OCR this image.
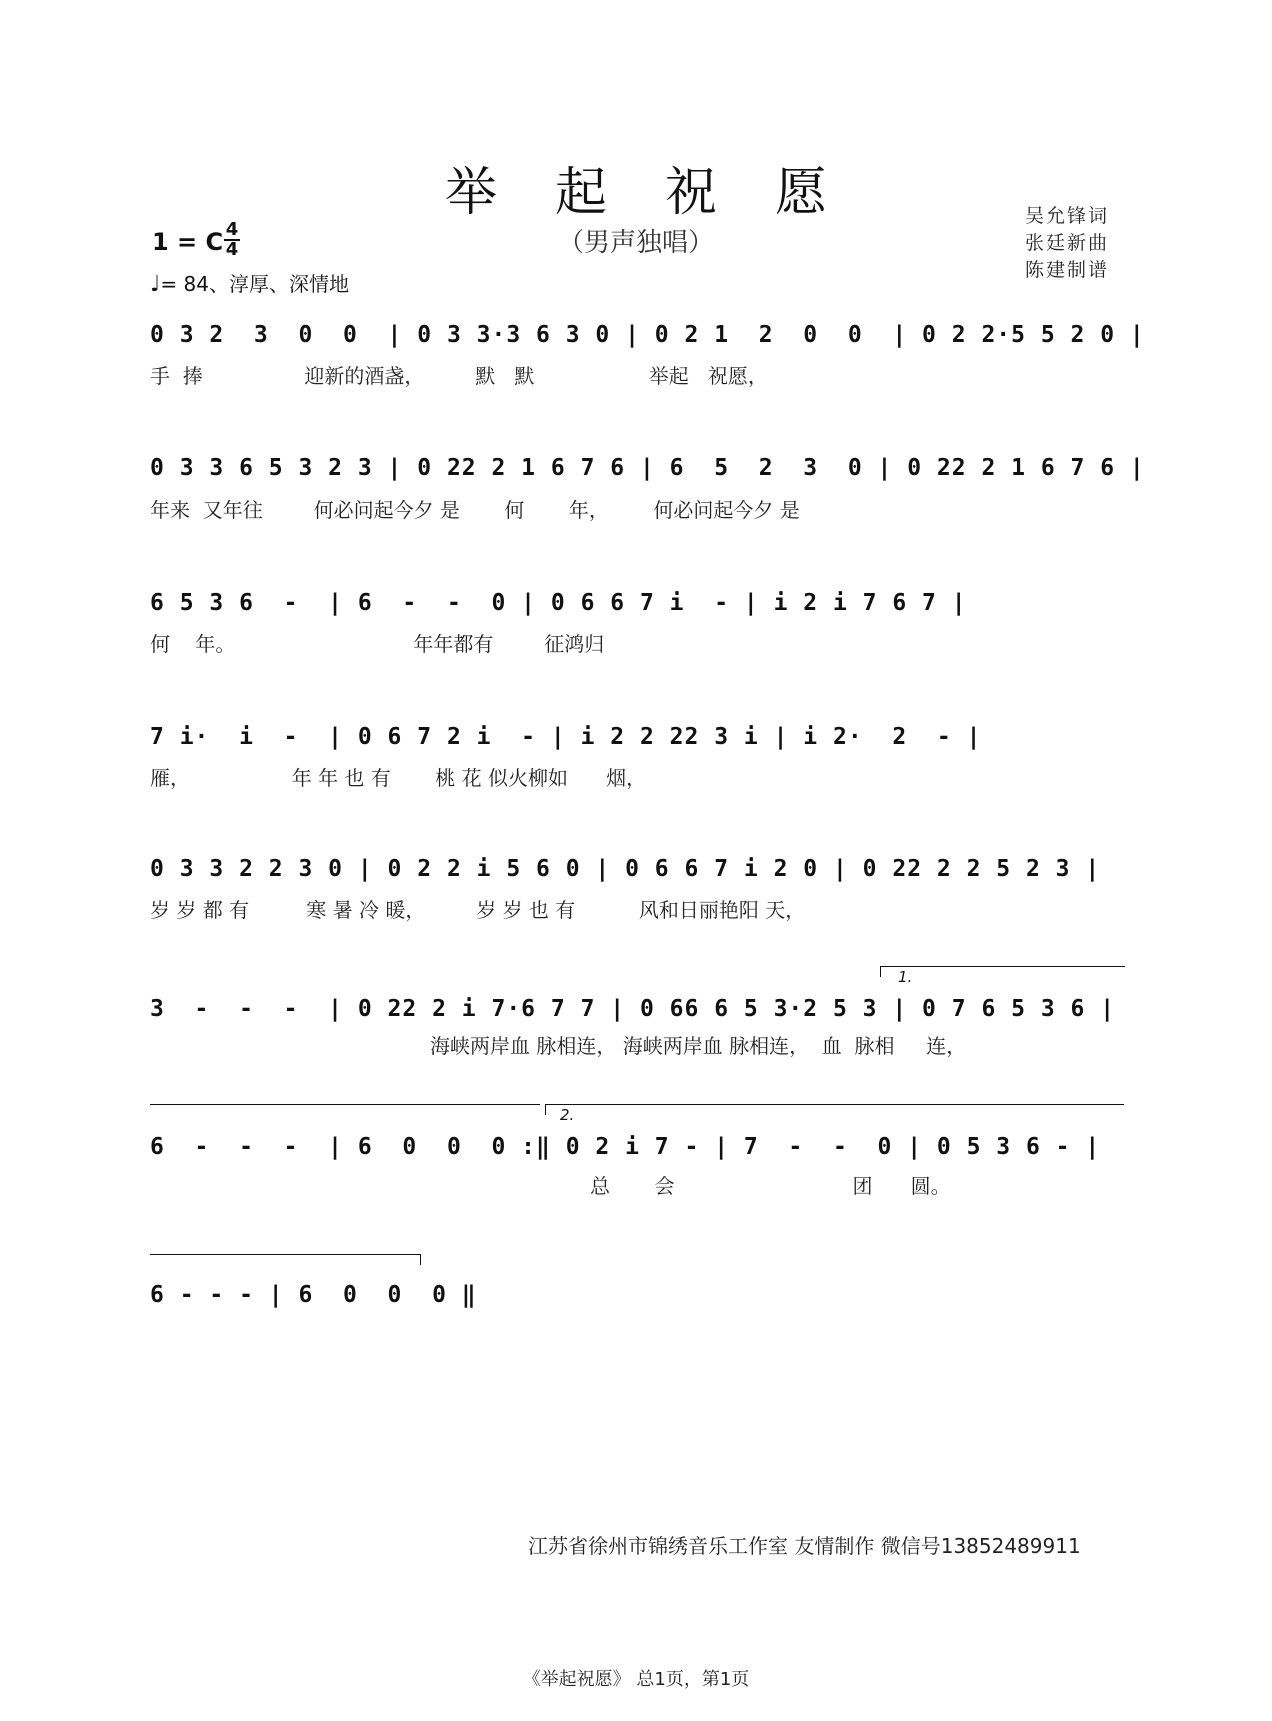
举起祝愿
（男声独唱）
吴允锋词
张廷新曲
陈建制谱
1 = C 4
4
♩= 84、淳厚、深情地
0 3 2  3  0  0  | 0 3 3·3 6 3 0 | 0 2 1  2  0  0  | 0 2 2·5 5 2 0 |
手  捧                迎新的酒盏，        默   默                  举起   祝愿，
0 3 3 6 5 3 2 3 | 0 22 2 1 6 7 6 | 6  5  2  3  0 | 0 22 2 1 6 7 6 |
年来  又年往        何必问起今夕 是       何       年，       何必问起今夕 是
6 5 3 6  -  | 6  -  -  0 | 0 6 6 7 i  - | i 2 i 7 6 7 |
何    年。                            年年都有        征鸿归
7 i·  i  -  | 0 6 7 2 i  - | i 2 2 22 3 i | i 2·  2  - |
雁，                年 年 也 有       桃 花 似火柳如      烟，
0 3 3 2 2 3 0 | 0 2 2 i 5 6 0 | 0 6 6 7 i 2 0 | 0 22 2 2 5 2 3 |
岁 岁 都 有         寒 暑 冷 暖，        岁 岁 也 有          风和日丽艳阳 天，
1.
3  -  -  -  | 0 22 2 i 7·6 7 7 | 0 66 6 5 3·2 5 3 | 0 7 6 5 3 6 |
海峡两岸血 脉相连， 海峡两岸血 脉相连，  血  脉相     连，
2.
6  -  -  -  | 6  0  0  0 :‖ 0 2 i 7 - | 7  -  -  0 | 0 5 3 6 - |
总       会                            团      圆。
6 - - - | 6  0  0  0 ‖
江苏省徐州市锦绣音乐工作室 友情制作 微信号13852489911
《举起祝愿》 总1页，第1页
